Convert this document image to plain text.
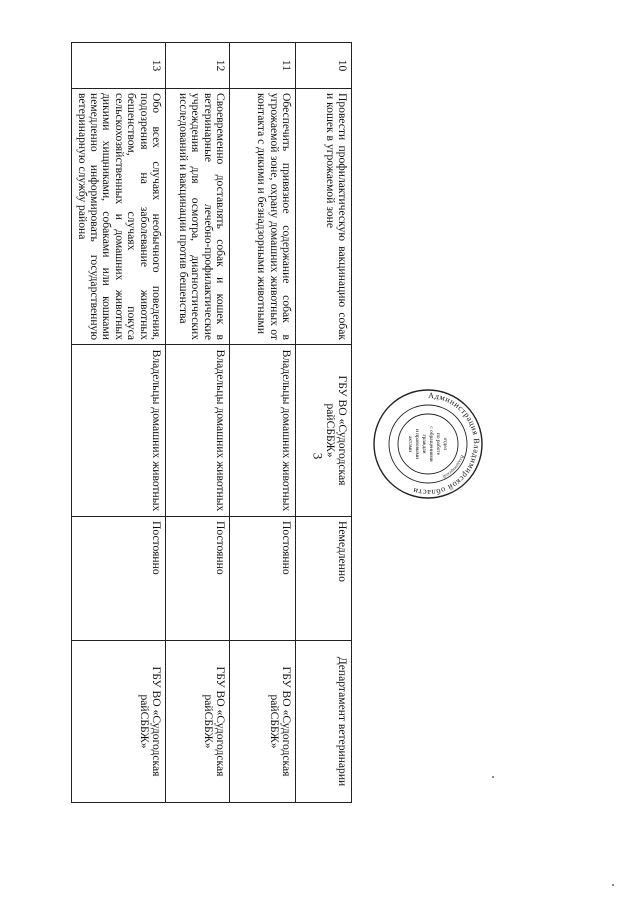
3
10	Провести профилактическую вакцинацию собак и кошек в угрожаемой зоне	ГБУ ВО «Судогодская райСББЖ»	Немедленно	Департамент ветеринарии
11	Обеспечить привязное содержание собак в угрожаемой зоне, охрану домашних животных от контакта с дикими и безнадзорными животными	Владельцы домашних животных	Постоянно	ГБУ ВО «Судогодская райСББЖ»
12	Своевременно доставлять собак и кошек в ветеринарные лечебно-профилактические учреждения для осмотра, диагностических исследований и вакцинации против бешенства	Владельцы домашних животных	Постоянно	ГБУ ВО «Судогодская райСББЖ»
13	Обо всех случаях необычного поведения, подозрения на заболевание животных бешенством, случаях покуса сельскохозяйственных и домашних животных дикими хищниками, собаками или кошками немедленно информировать государственную ветеринарную службу района	Владельцы домашних животных	Постоянно	ГБУ ВО «Судогодская райСББЖ»
Администрация Владимирской области
Владимирской
отдел
по работе
с обращениями
граждан
и правовыми
актами
